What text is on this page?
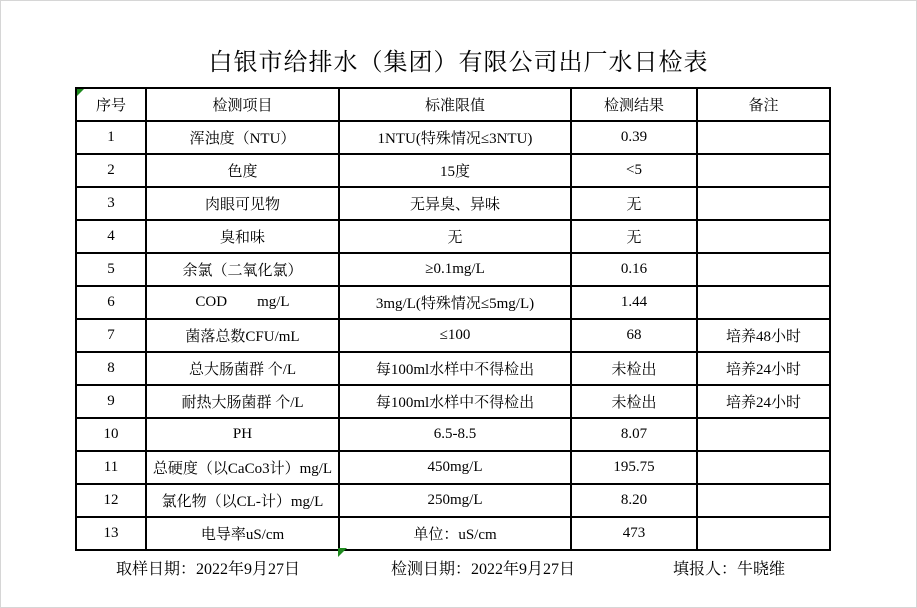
白银市给排水（集团）有限公司出厂水日检表
序号	检测项目	标准限值	检测结果	备注
1	浑浊度（NTU）	1NTU(特殊情况≤3NTU)	0.39	
2	色度	15度	<5	
3	肉眼可见物	无异臭、异味	无	
4	臭和味	无	无	
5	余氯（二氧化氯）	≥0.1mg/L	0.16	
6	COD        mg/L	3mg/L(特殊情况≤5mg/L)	1.44	
7	菌落总数CFU/mL	≤100	68	培养48小时
8	总大肠菌群 个/L	每100ml水样中不得检出	未检出	培养24小时
9	耐热大肠菌群 个/L	每100ml水样中不得检出	未检出	培养24小时
10	PH	6.5-8.5	8.07	
11	总硬度（以CaCo3计）mg/L	450mg/L	195.75	
12	氯化物（以CL-计）mg/L	250mg/L	8.20	
13	电导率uS/cm	单位：uS/cm	473	
取样日期：2022年9月27日	检测日期：2022年9月27日	填报人：牛晓维
